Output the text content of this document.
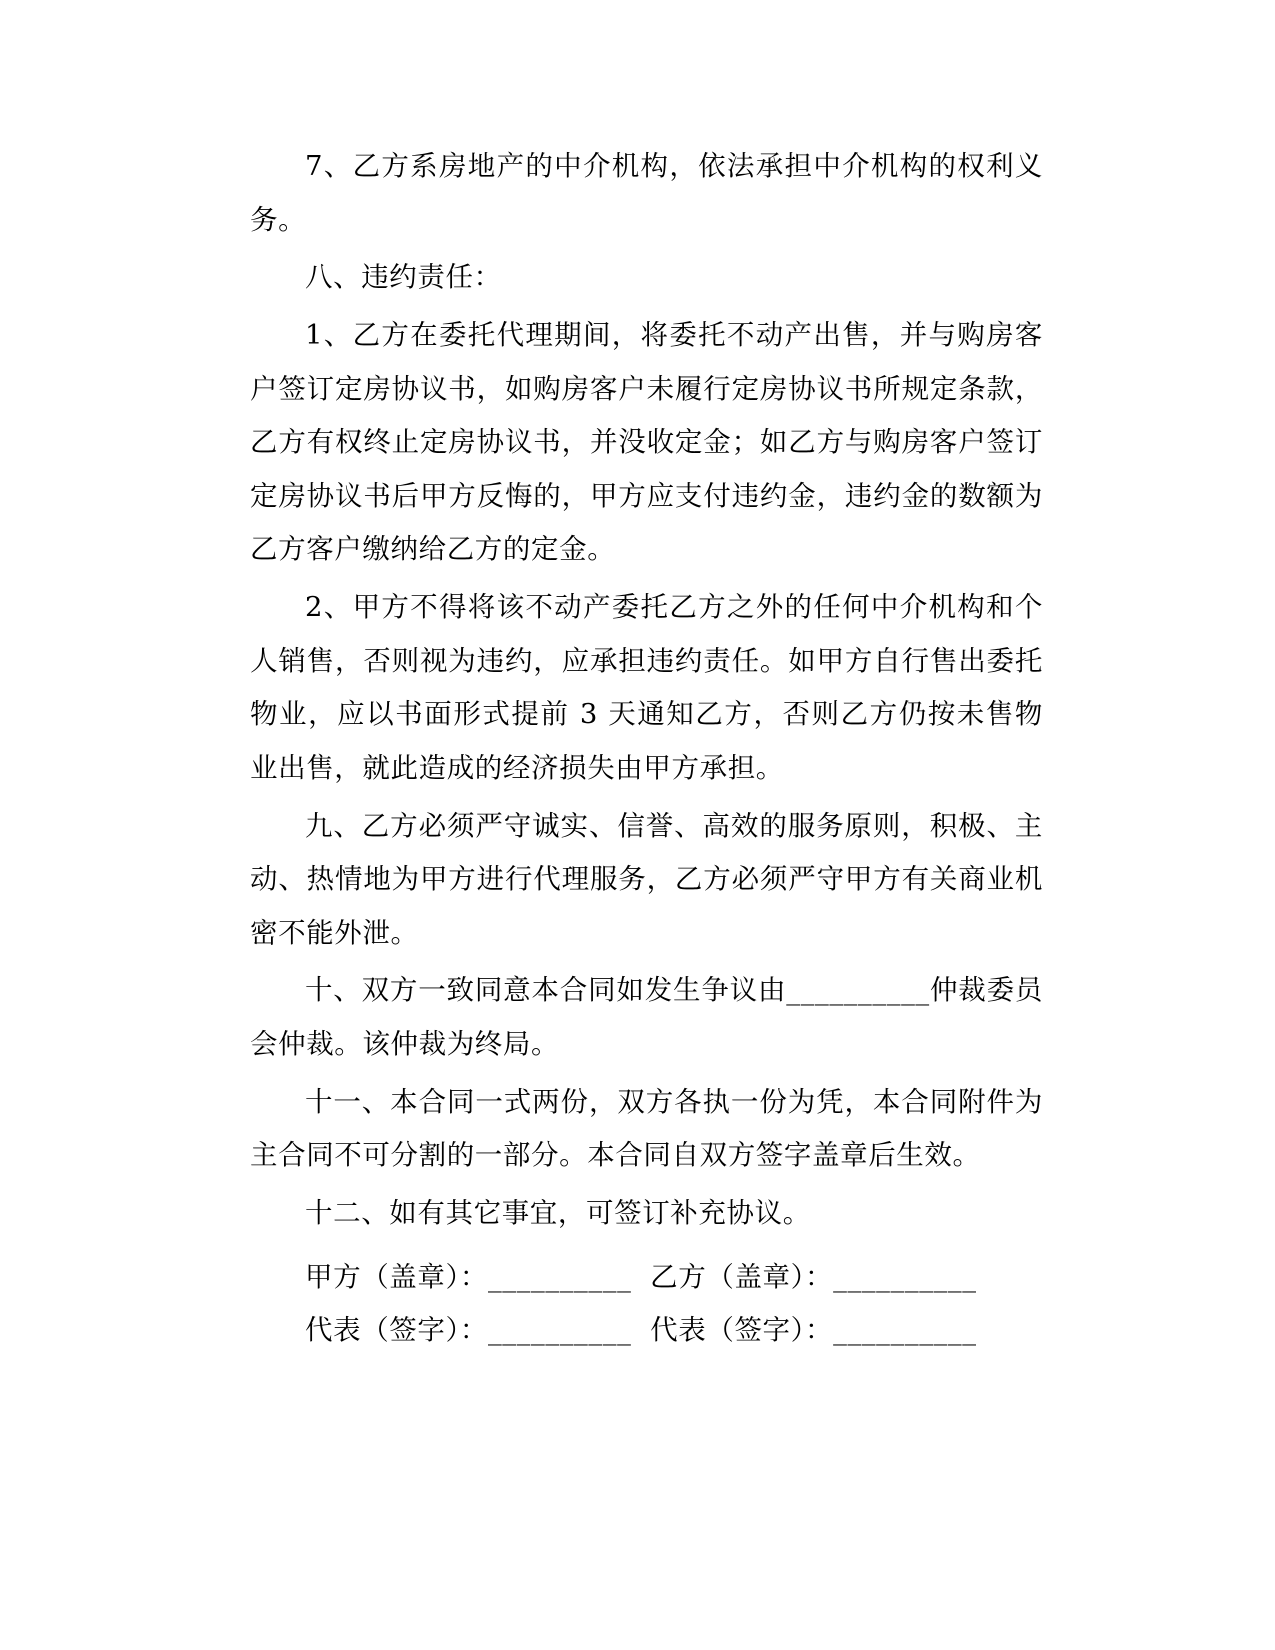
7、乙方系房地产的中介机构，依法承担中介机构的权利义务。

八、违约责任：

1、乙方在委托代理期间，将委托不动产出售，并与购房客户签订定房协议书，如购房客户未履行定房协议书所规定条款，乙方有权终止定房协议书，并没收定金；如乙方与购房客户签订定房协议书后甲方反悔的，甲方应支付违约金，违约金的数额为乙方客户缴纳给乙方的定金。

2、甲方不得将该不动产委托乙方之外的任何中介机构和个人销售，否则视为违约，应承担违约责任。如甲方自行售出委托物业，应以书面形式提前 3 天通知乙方，否则乙方仍按未售物业出售，就此造成的经济损失由甲方承担。

九、乙方必须严守诚实、信誉、高效的服务原则，积极、主动、热情地为甲方进行代理服务，乙方必须严守甲方有关商业机密不能外泄。

十、双方一致同意本合同如发生争议由__________仲裁委员会仲裁。该仲裁为终局。

十一、本合同一式两份，双方各执一份为凭，本合同附件为主合同不可分割的一部分。本合同自双方签字盖章后生效。

十二、如有其它事宜，可签订补充协议。

甲方（盖章）：__________ 乙方（盖章）：__________

代表（签字）：__________ 代表（签字）：__________
